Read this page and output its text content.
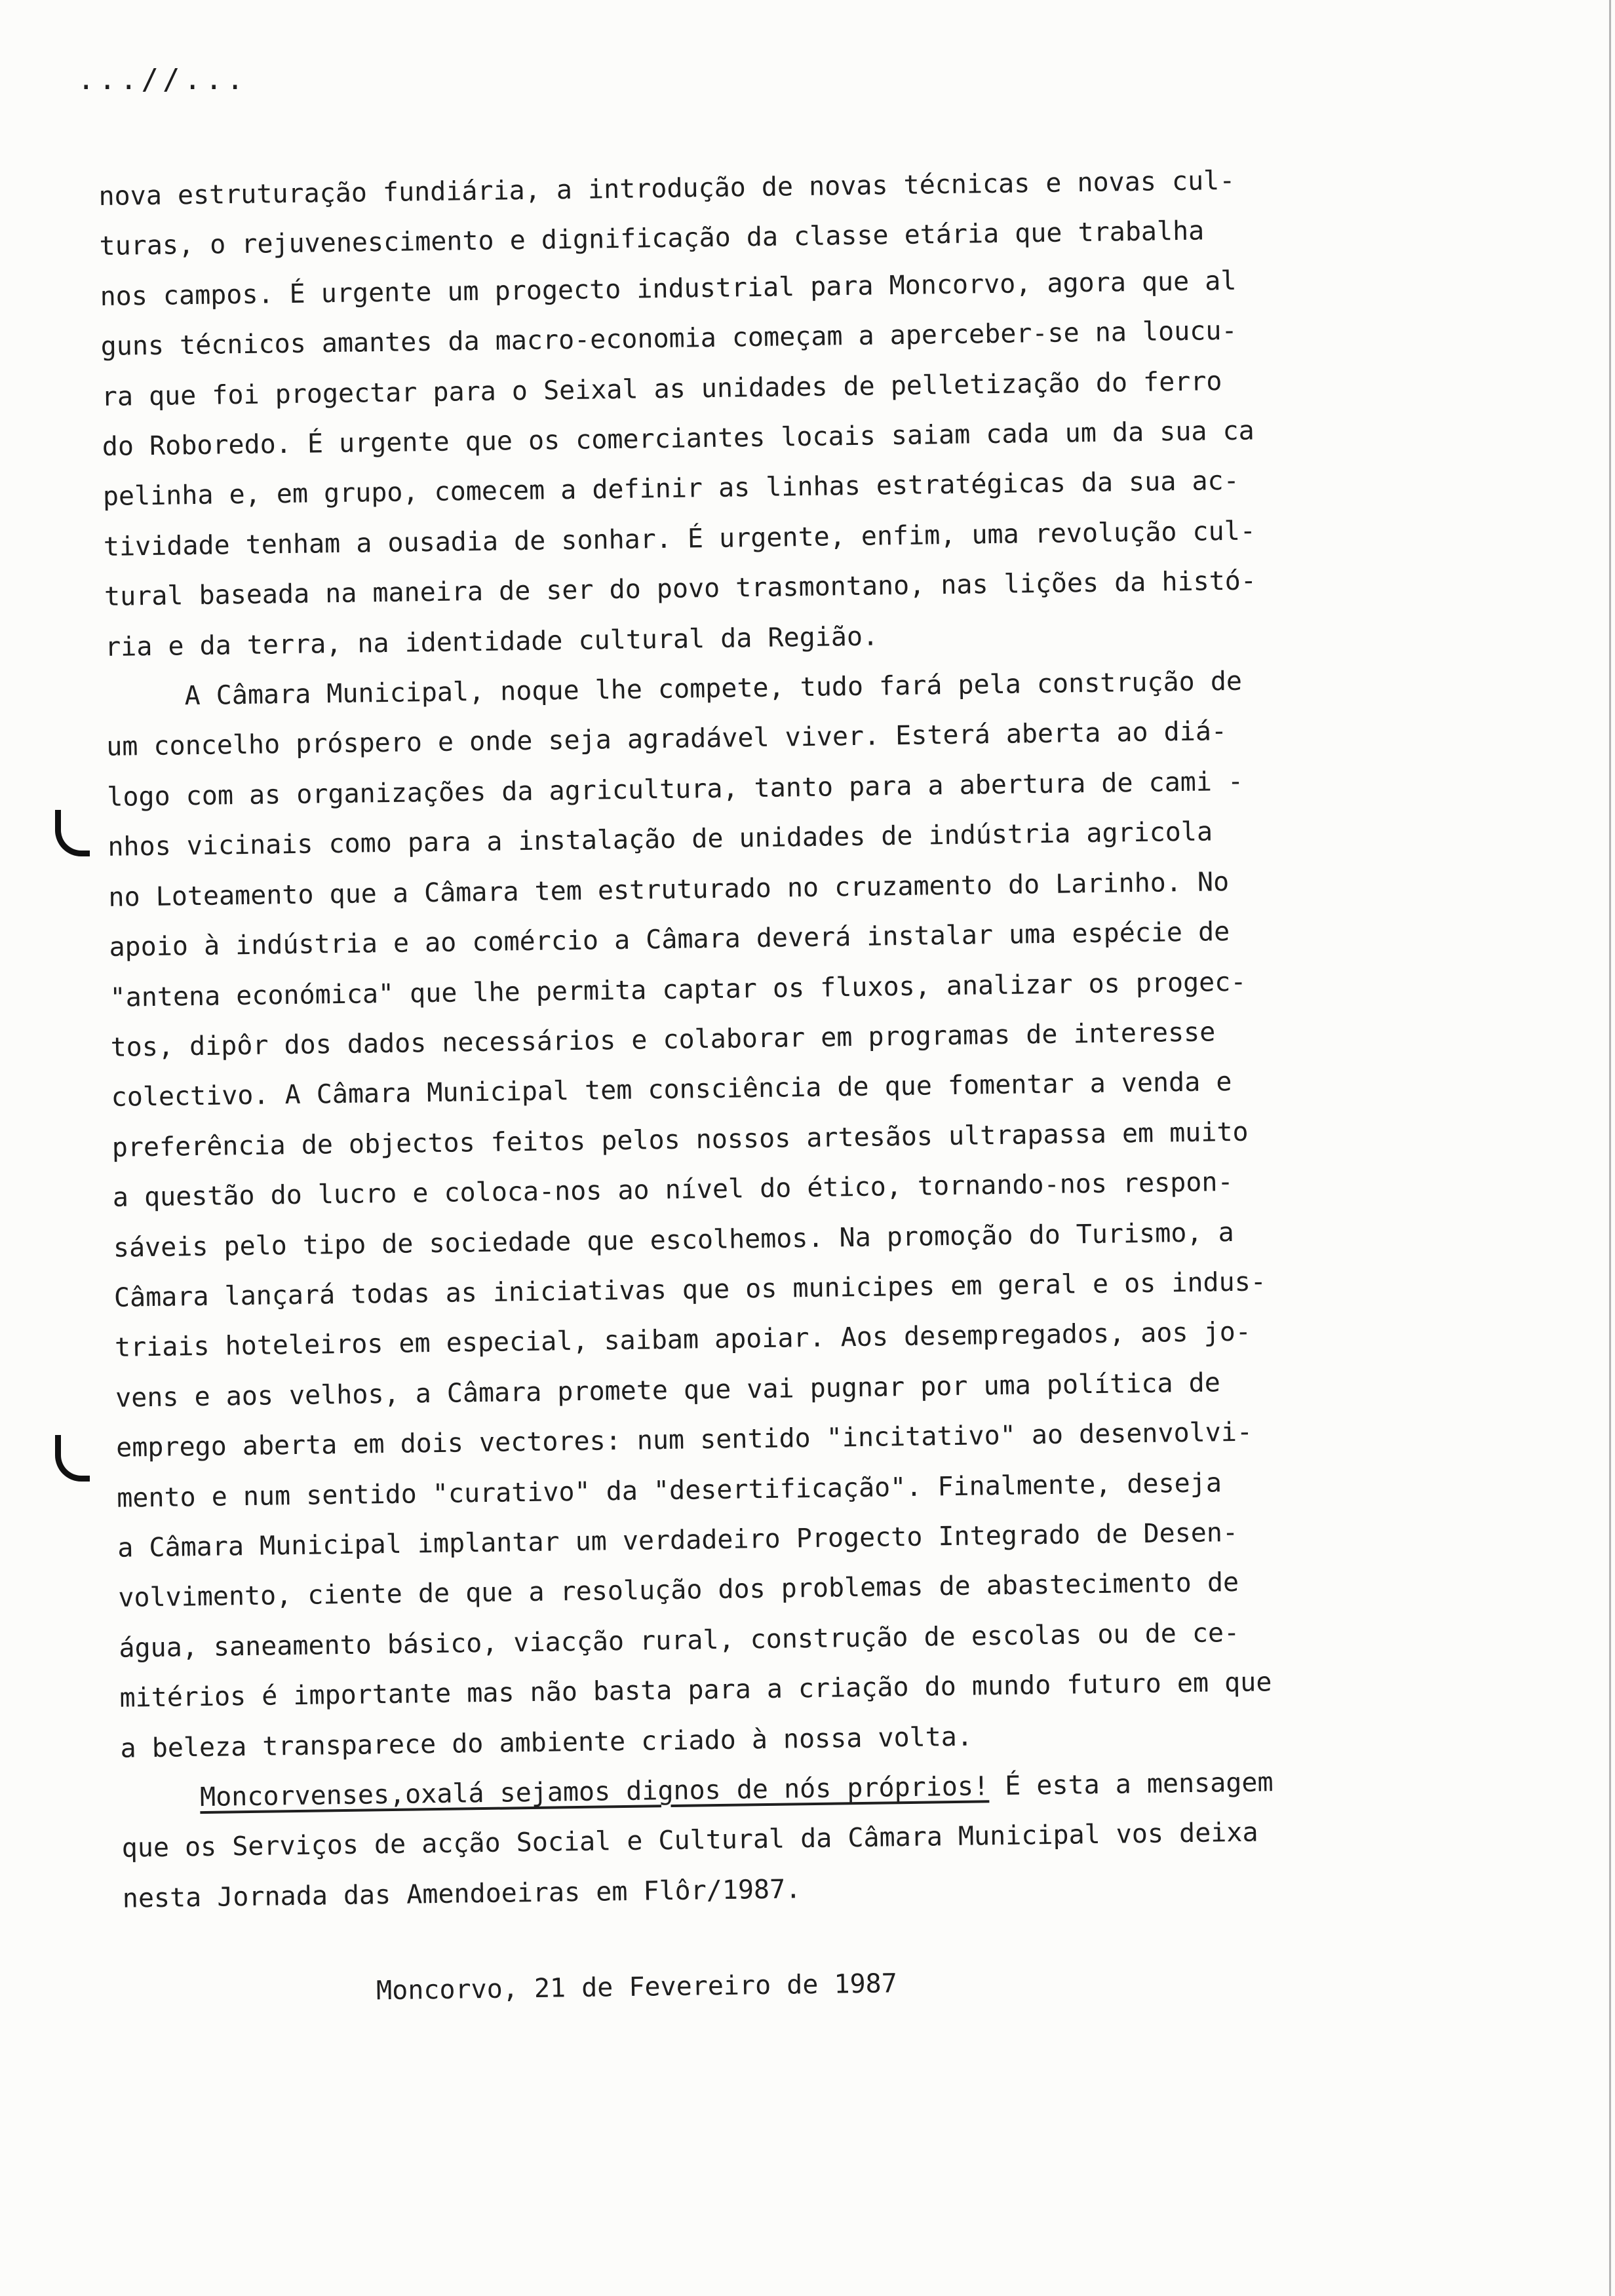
...//...
nova estruturação fundiária, a introdução de novas técnicas e novas cul-
turas, o rejuvenescimento e dignificação da classe etária que trabalha
nos campos. É urgente um progecto industrial para Moncorvo, agora que al
guns técnicos amantes da macro-economia começam a aperceber-se na loucu-
ra que foi progectar para o Seixal as unidades de pelletização do ferro
do Roboredo. É urgente que os comerciantes locais saiam cada um da sua ca
pelinha e, em grupo, comecem a definir as linhas estratégicas da sua ac-
tividade tenham a ousadia de sonhar. É urgente, enfim, uma revolução cul-
tural baseada na maneira de ser do povo trasmontano, nas lições da histó-
ria e da terra, na identidade cultural da Região.
A Câmara Municipal, noque lhe compete, tudo fará pela construção de
um concelho próspero e onde seja agradável viver. Esterá aberta ao diá-
logo com as organizações da agricultura, tanto para a abertura de cami -
nhos vicinais como para a instalação de unidades de indústria agricola
no Loteamento que a Câmara tem estruturado no cruzamento do Larinho. No
apoio à indústria e ao comércio a Câmara deverá instalar uma espécie de
"antena económica" que lhe permita captar os fluxos, analizar os progec-
tos, dipôr dos dados necessários e colaborar em programas de interesse
colectivo. A Câmara Municipal tem consciência de que fomentar a venda e
preferência de objectos feitos pelos nossos artesãos ultrapassa em muito
a questão do lucro e coloca-nos ao nível do ético, tornando-nos respon-
sáveis pelo tipo de sociedade que escolhemos. Na promoção do Turismo, a
Câmara lançará todas as iniciativas que os municipes em geral e os indus-
triais hoteleiros em especial, saibam apoiar. Aos desempregados, aos jo-
vens e aos velhos, a Câmara promete que vai pugnar por uma política de
emprego aberta em dois vectores: num sentido "incitativo" ao desenvolvi-
mento e num sentido "curativo" da "desertificação". Finalmente, deseja
a Câmara Municipal implantar um verdadeiro Progecto Integrado de Desen-
volvimento, ciente de que a resolução dos problemas de abastecimento de
água, saneamento básico, viacção rural, construção de escolas ou de ce-
mitérios é importante mas não basta para a criação do mundo futuro em que
a beleza transparece do ambiente criado à nossa volta.
Moncorvenses,oxalá sejamos dignos de nós próprios! É esta a mensagem
que os Serviços de acção Social e Cultural da Câmara Municipal vos deixa
nesta Jornada das Amendoeiras em Flôr/1987.
Moncorvo, 21 de Fevereiro de 1987
